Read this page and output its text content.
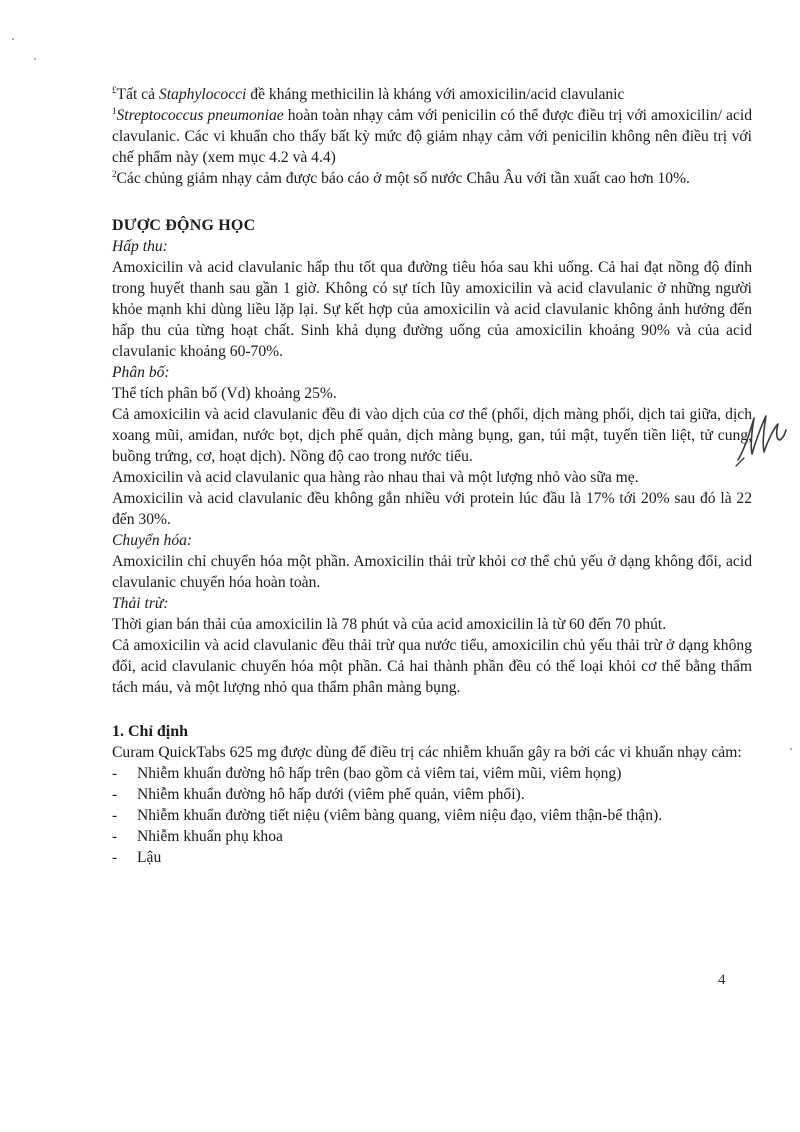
£Tất cả Staphylococci đề kháng methicilin là kháng với amoxicilin/acid clavulanic

$^1$Streptococcus pneumoniae hoàn toàn nhạy cảm với penicilin có thể được điều trị với amoxicilin/ acid clavulanic. Các vi khuẩn cho thấy bất kỳ mức độ giảm nhạy cảm với penicilin không nên điều trị với chế phẩm này (xem mục 4.2 và 4.4)

$^2$Các chủng giảm nhạy cảm được báo cáo ở một số nước Châu Âu với tần xuất cao hơn 10%.

DƯỢC ĐỘNG HỌC
Hấp thu:

Amoxicilin và acid clavulanic hấp thu tốt qua đường tiêu hóa sau khi uống. Cả hai đạt nồng độ đỉnh trong huyết thanh sau gần 1 giờ. Không có sự tích lũy amoxicilin và acid clavulanic ở những người khỏe mạnh khi dùng liều lặp lại. Sự kết hợp của amoxicilin và acid clavulanic không ảnh hưởng đến hấp thu của từng hoạt chất. Sinh khả dụng đường uống của amoxicilin khoảng 90% và của acid clavulanic khoảng 60-70%.

Phân bố:

Thể tích phân bố (Vd) khoảng 25%.

Cả amoxicilin và acid clavulanic đều đi vào dịch của cơ thể (phổi, dịch màng phổi, dịch tai giữa, dịch xoang mũi, amiđan, nước bọt, dịch phế quản, dịch màng bụng, gan, túi mật, tuyến tiền liệt, tử cung, buồng trứng, cơ, hoạt dịch). Nồng độ cao trong nước tiểu.

Amoxicilin và acid clavulanic qua hàng rào nhau thai và một lượng nhỏ vào sữa mẹ.

Amoxicilin và acid clavulanic đều không gắn nhiều với protein lúc đầu là 17% tới 20% sau đó là 22 đến 30%.

Chuyển hóa:

Amoxicilin chỉ chuyển hóa một phần. Amoxicilin thải trừ khỏi cơ thể chủ yếu ở dạng không đổi, acid clavulanic chuyển hóa hoàn toàn.

Thải trừ:

Thời gian bán thải của amoxicilin là 78 phút và của acid amoxicilin là từ 60 đến 70 phút.

Cả amoxicilin và acid clavulanic đều thải trừ qua nước tiểu, amoxicilin chủ yếu thải trừ ở dạng không đổi, acid clavulanic chuyển hóa một phần. Cả hai thành phần đều có thể loại khỏi cơ thể bằng thẩm tách máu, và một lượng nhỏ qua thẩm phân màng bụng.

1. Chỉ định

Curam QuickTabs 625 mg được dùng để điều trị các nhiễm khuẩn gây ra bởi các vi khuẩn nhạy cảm:

- Nhiễm khuẩn đường hô hấp trên (bao gồm cả viêm tai, viêm mũi, viêm họng)
- Nhiễm khuẩn đường hô hấp dưới (viêm phế quản, viêm phổi).
- Nhiễm khuẩn đường tiết niệu (viêm bàng quang, viêm niệu đạo, viêm thận-bể thận).
- Nhiễm khuẩn phụ khoa
- Lậu
4
